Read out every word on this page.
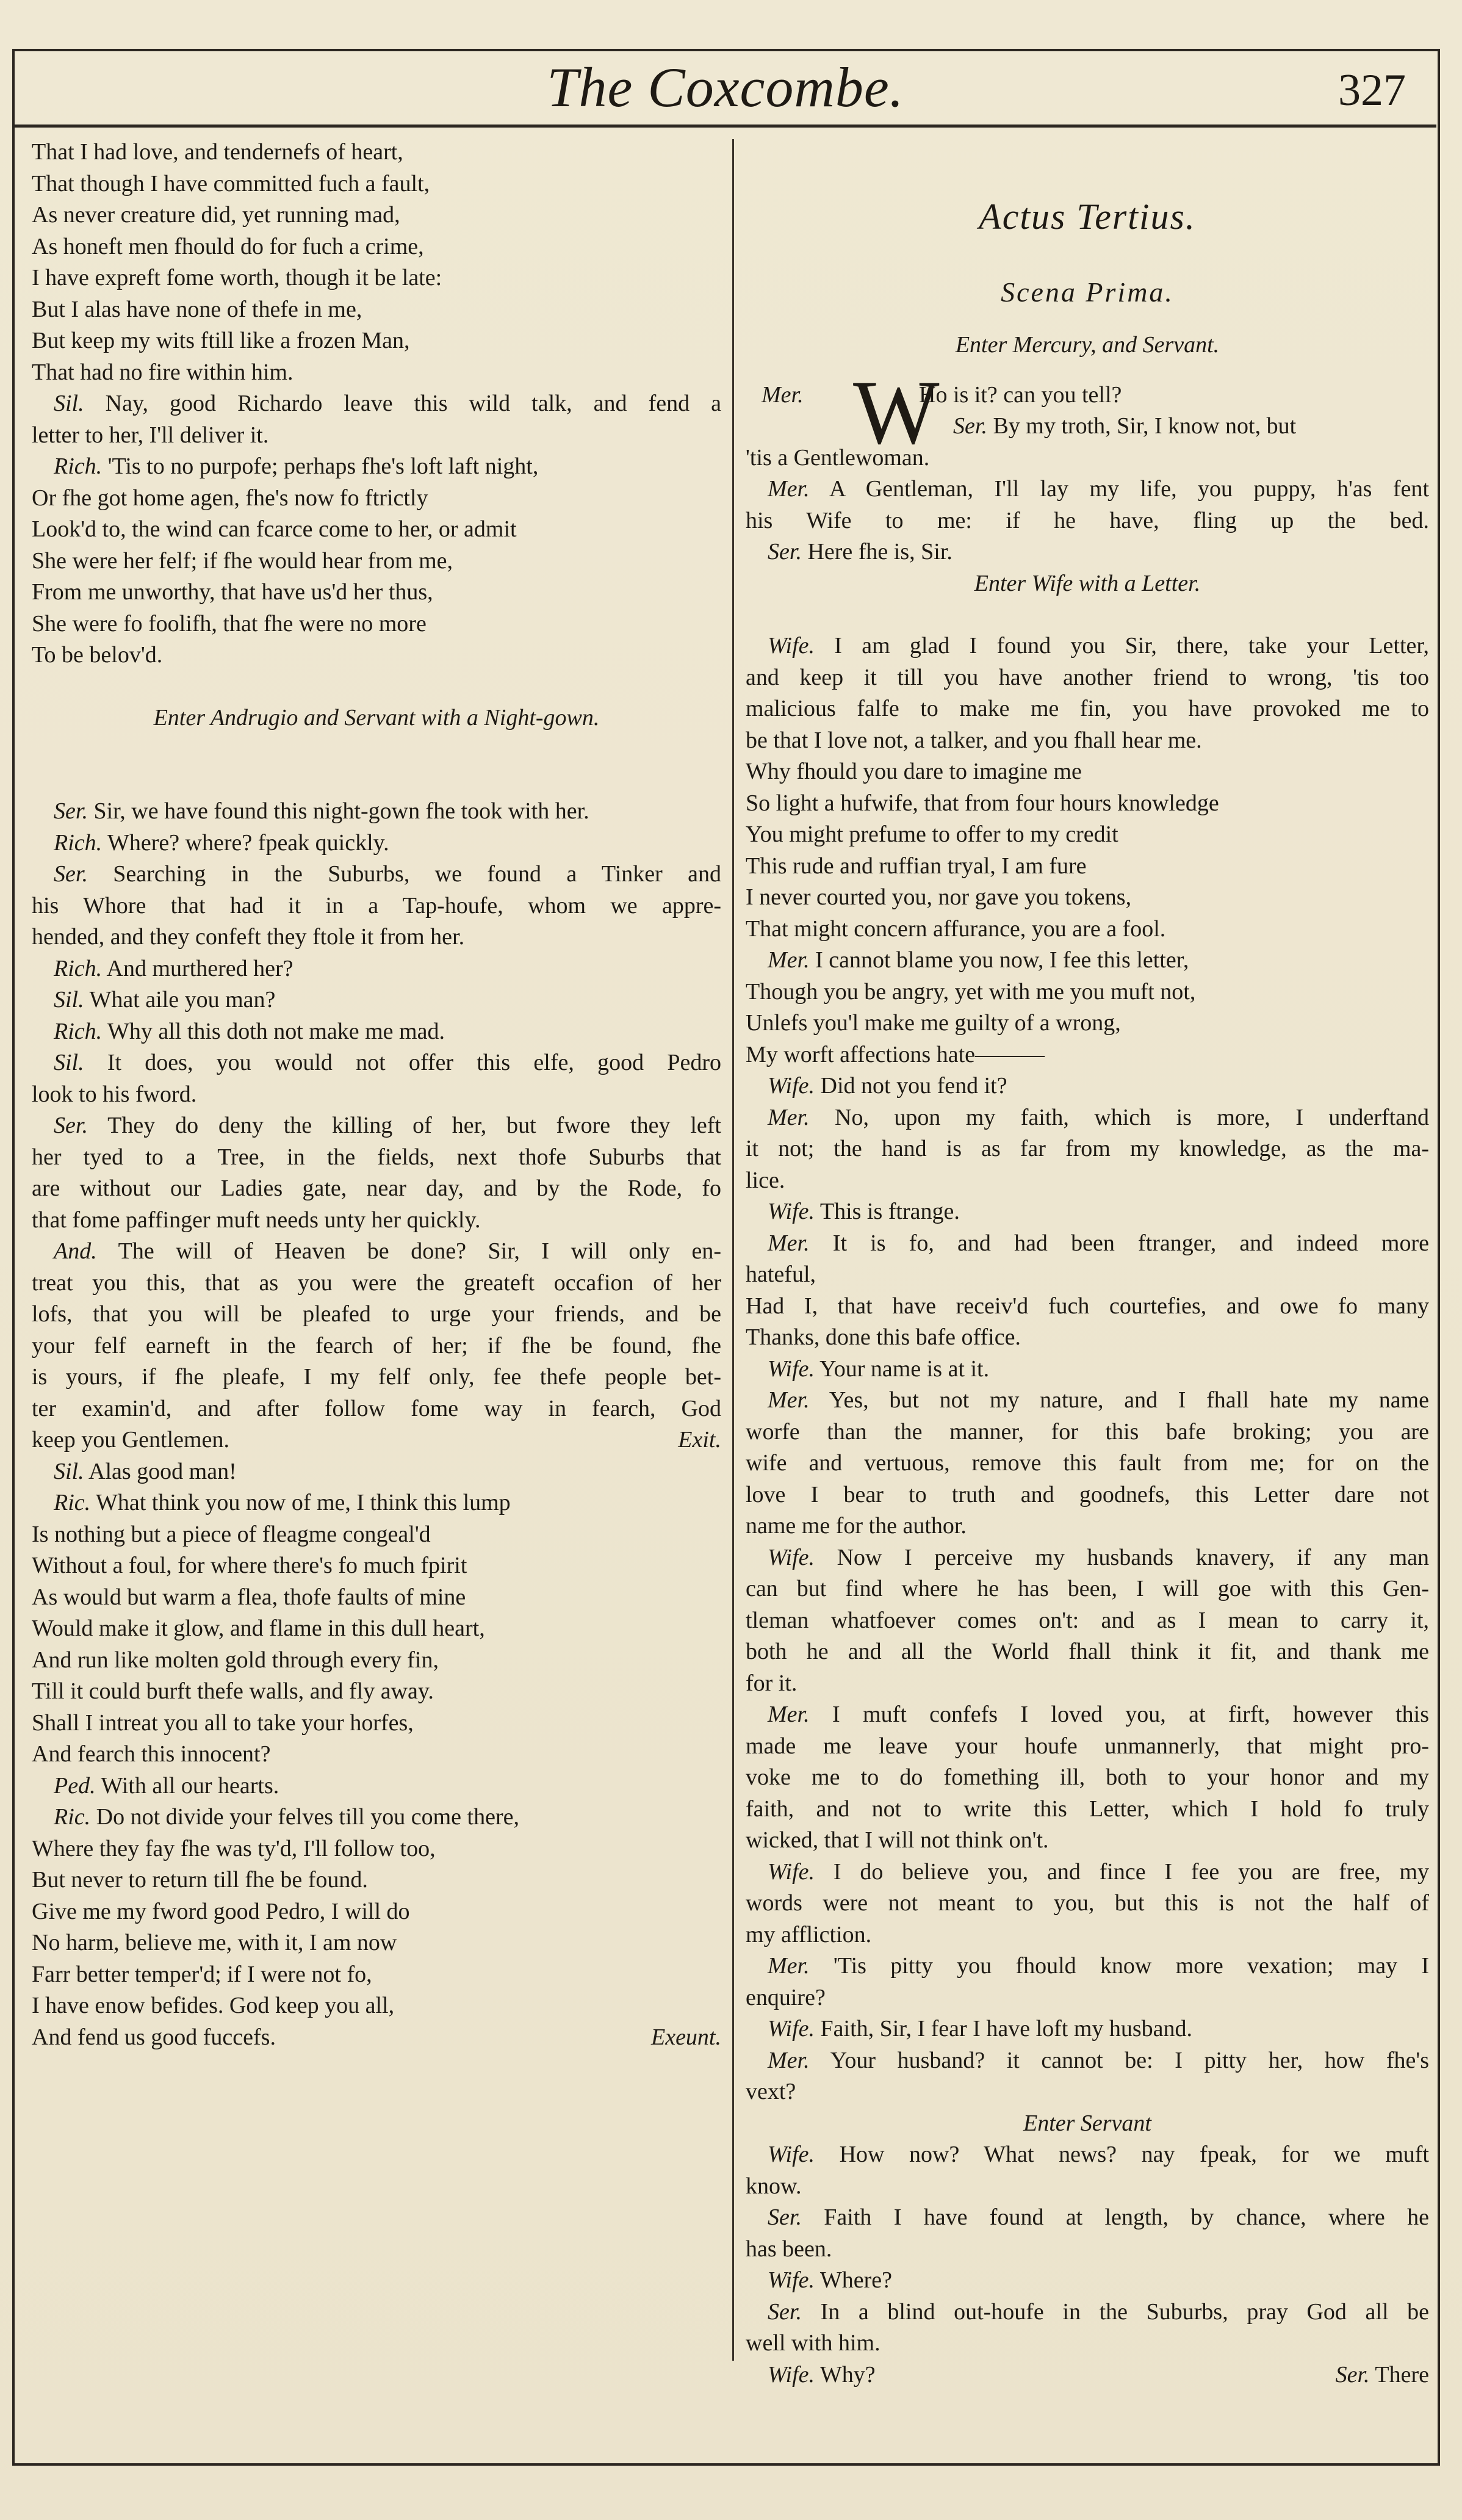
The Coxcombe.	327
That I had love, and tendernefs of heart,
That though I have committed fuch a fault,
As never creature did, yet running mad,
As honeft men fhould do for fuch a crime,
I have expreft fome worth, though it be late:
But I alas have none of thefe in me,
But keep my wits ftill like a frozen Man,
That had no fire within him.
Sil. Nay, good Richardo leave this wild talk, and fend a
letter to her, I'll deliver it.
Rich. 'Tis to no purpofe; perhaps fhe's loft laft night,
Or fhe got home agen, fhe's now fo ftrictly
Look'd to, the wind can fcarce come to her, or admit
She were her felf; if fhe would hear from me,
From me unworthy, that have us'd her thus,
She were fo foolifh, that fhe were no more
To be belov'd.
Enter Andrugio and Servant with a Night-gown.
Ser. Sir, we have found this night-gown fhe took with her.
Rich. Where? where? fpeak quickly.
Ser. Searching in the Suburbs, we found a Tinker and
his Whore that had it in a Tap-houfe, whom we appre-
hended, and they confeft they ftole it from her.
Rich. And murthered her?
Sil. What aile you man?
Rich. Why all this doth not make me mad.
Sil. It does, you would not offer this elfe, good Pedro
look to his fword.
Ser. They do deny the killing of her, but fwore they left
her tyed to a Tree, in the fields, next thofe Suburbs that
are without our Ladies gate, near day, and by the Rode, fo
that fome paffinger muft needs unty her quickly.
And. The will of Heaven be done? Sir, I will only en-
treat you this, that as you were the greateft occafion of her
lofs, that you will be pleafed to urge your friends, and be
your felf earneft in the fearch of her; if fhe be found, fhe
is yours, if fhe pleafe, I my felf only, fee thefe people bet-
ter examin'd, and after follow fome way in fearch, God
Exit.
keep you Gentlemen.
Sil. Alas good man!
Ric. What think you now of me, I think this lump
Is nothing but a piece of fleagme congeal'd
Without a foul, for where there's fo much fpirit
As would but warm a flea, thofe faults of mine
Would make it glow, and flame in this dull heart,
And run like molten gold through every fin,
Till it could burft thefe walls, and fly away.
Shall I intreat you all to take your horfes,
And fearch this innocent?
Ped. With all our hearts.
Ric. Do not divide your felves till you come there,
Where they fay fhe was ty'd, I'll follow too,
But never to return till fhe be found.
Give me my fword good Pedro, I will do
No harm, believe me, with it, I am now
Farr better temper'd; if I were not fo,
I have enow befides. God keep you all,
Exeunt.
And fend us good fuccefs.
Actus Tertius.
Scena Prima.
Enter Mercury, and Servant.
Mer. W
Ho is it? can you tell?
Ser. By my troth, Sir, I know not, but
'tis a Gentlewoman.
Mer. A Gentleman, I'll lay my life, you puppy, h'as fent
his Wife to me: if he have, fling up the bed.
Ser. Here fhe is, Sir.
Enter Wife with a Letter.
Wife. I am glad I found you Sir, there, take your Letter,
and keep it till you have another friend to wrong, 'tis too
malicious falfe to make me fin, you have provoked me to
be that I love not, a talker, and you fhall hear me.
Why fhould you dare to imagine me
So light a hufwife, that from four hours knowledge
You might prefume to offer to my credit
This rude and ruffian tryal, I am fure
I never courted you, nor gave you tokens,
That might concern affurance, you are a fool.
Mer. I cannot blame you now, I fee this letter,
Though you be angry, yet with me you muft not,
Unlefs you'l make me guilty of a wrong,
My worft affections hate———
Wife. Did not you fend it?
Mer. No, upon my faith, which is more, I underftand
it not; the hand is as far from my knowledge, as the ma-
lice.
Wife. This is ftrange.
Mer. It is fo, and had been ftranger, and indeed more
hateful,
Had I, that have receiv'd fuch courtefies, and owe fo many
Thanks, done this bafe office.
Wife. Your name is at it.
Mer. Yes, but not my nature, and I fhall hate my name
worfe than the manner, for this bafe broking; you are
wife and vertuous, remove this fault from me; for on the
love I bear to truth and goodnefs, this Letter dare not
name me for the author.
Wife. Now I perceive my husbands knavery, if any man
can but find where he has been, I will goe with this Gen-
tleman whatfoever comes on't: and as I mean to carry it,
both he and all the World fhall think it fit, and thank me
for it.
Mer. I muft confefs I loved you, at firft, however this
made me leave your houfe unmannerly, that might pro-
voke me to do fomething ill, both to your honor and my
faith, and not to write this Letter, which I hold fo truly
wicked, that I will not think on't.
Wife. I do believe you, and fince I fee you are free, my
words were not meant to you, but this is not the half of
my affliction.
Mer. 'Tis pitty you fhould know more vexation; may I
enquire?
Wife. Faith, Sir, I fear I have loft my husband.
Mer. Your husband? it cannot be: I pitty her, how fhe's
vext?
Enter Servant
Wife. How now? What news? nay fpeak, for we muft
know.
Ser. Faith I have found at length, by chance, where he
has been.
Wife. Where?
Ser. In a blind out-houfe in the Suburbs, pray God all be
well with him.
Ser. There
Wife. Why?
